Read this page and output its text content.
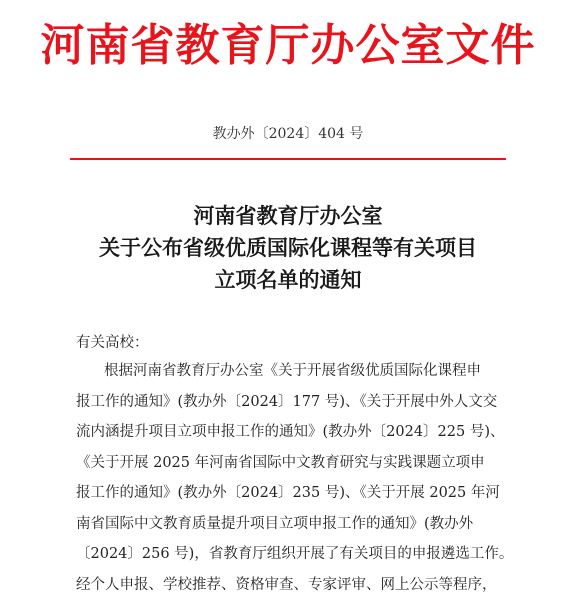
河南省教育厅办公室文件
教办外〔2024〕404 号
河南省教育厅办公室
关于公布省级优质国际化课程等有关项目
立项名单的通知
有关高校：
根据河南省教育厅办公室《关于开展省级优质国际化课程申
报工作的通知》(教办外〔2024〕177 号)、《关于开展中外人文交
流内涵提升项目立项申报工作的通知》(教办外〔2024〕225 号)、
《关于开展 2025 年河南省国际中文教育研究与实践课题立项申
报工作的通知》(教办外〔2024〕235 号)、《关于开展 2025 年河
南省国际中文教育质量提升项目立项申报工作的通知》(教办外
〔2024〕256 号)，省教育厅组织开展了有关项目的申报遴选工作。
经个人申报、学校推荐、资格审查、专家评审、网上公示等程序，
